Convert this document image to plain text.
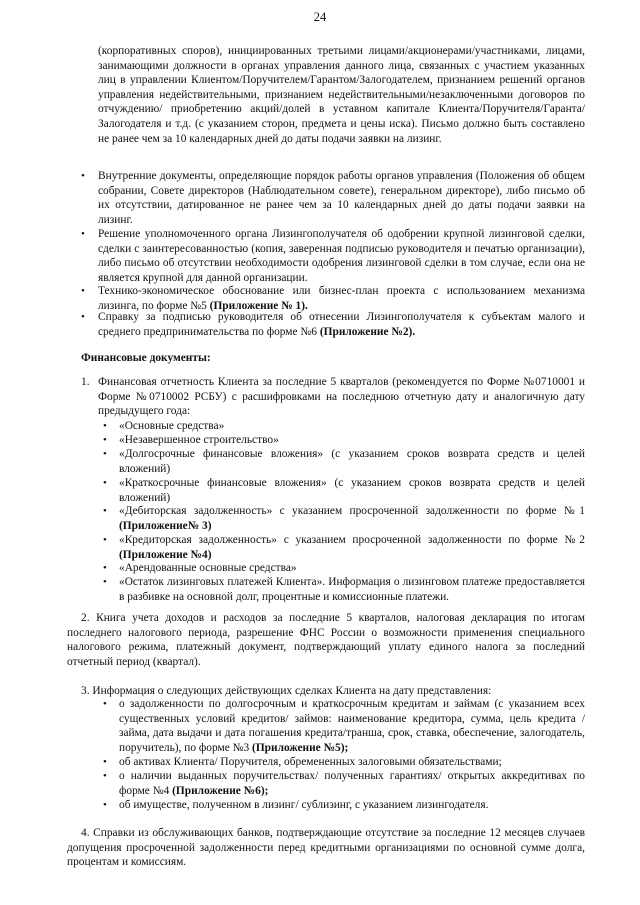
24
(корпоративных споров), инициированных третьими лицами/акционерами/участниками, лицами, занимающими должности в органах управления данного лица, связанных с участием указанных лиц в управлении Клиентом/Поручителем/Гарантом/Залогодателем, признанием решений органов управления недействительными, признанием недействительными/незаключенными договоров по отчуждению/ приобретению акций/долей в уставном капитале Клиента/Поручителя/Гаранта/Залогодателя и т.д. (с указанием сторон, предмета и цены иска). Письмо должно быть составлено не ранее чем за 10 календарных дней до даты подачи заявки на лизинг.
• Внутренние документы, определяющие порядок работы органов управления (Положения об общем собрании, Совете директоров (Наблюдательном совете), генеральном директоре), либо письмо об их отсутствии, датированное не ранее чем за 10 календарных дней до даты подачи заявки на лизинг.
• Решение уполномоченного органа Лизингополучателя об одобрении крупной лизинговой сделки, сделки с заинтересованностью (копия, заверенная подписью руководителя и печатью организации), либо письмо об отсутствии необходимости одобрения лизинговой сделки в том случае, если она не является крупной для данной организации.
• Технико-экономическое обоснование или бизнес-план проекта с использованием механизма лизинга, по форме №5 (Приложение № 1).
• Справку за подписью руководителя об отнесении Лизингополучателя к субъектам малого и среднего предпринимательства по форме №6 (Приложение №2).
Финансовые документы:
1. Финансовая отчетность Клиента за последние 5 кварталов (рекомендуется по Форме №0710001 и Форме №0710002 РСБУ) с расшифровками на последнюю отчетную дату и аналогичную дату предыдущего года:
• «Основные средства»
• «Незавершенное строительство»
• «Долгосрочные финансовые вложения» (с указанием сроков возврата средств и целей вложений)
• «Краткосрочные финансовые вложения» (с указанием сроков возврата средств и целей вложений)
• «Дебиторская задолженность» с указанием просроченной задолженности по форме №1 (Приложение№ 3)
• «Кредиторская задолженность» с указанием просроченной задолженности по форме №2 (Приложение №4)
• «Арендованные основные средства»
• «Остаток лизинговых платежей Клиента». Информация о лизинговом платеже предоставляется в разбивке на основной долг, процентные и комиссионные платежи.
2. Книга учета доходов и расходов за последние 5 кварталов, налоговая декларация по итогам последнего налогового периода, разрешение ФНС России о возможности применения специального налогового режима, платежный документ, подтверждающий уплату единого налога за последний отчетный период (квартал).
3. Информация о следующих действующих сделках Клиента на дату представления:
• о задолженности по долгосрочным и краткосрочным кредитам и займам (с указанием всех существенных условий кредитов/ займов: наименование кредитора, сумма, цель кредита /займа, дата выдачи и дата погашения кредита/транша, срок, ставка, обеспечение, залогодатель, поручитель), по форме №3 (Приложение №5);
• об активах Клиента/ Поручителя, обремененных залоговыми обязательствами;
• о наличии выданных поручительствах/ полученных гарантиях/ открытых аккредитивах по форме №4 (Приложение №6);
• об имуществе, полученном в лизинг/ сублизинг, с указанием лизингодателя.
4. Справки из обслуживающих банков, подтверждающие отсутствие за последние 12 месяцев случаев допущения просроченной задолженности перед кредитными организациями по основной сумме долга, процентам и комиссиям.
